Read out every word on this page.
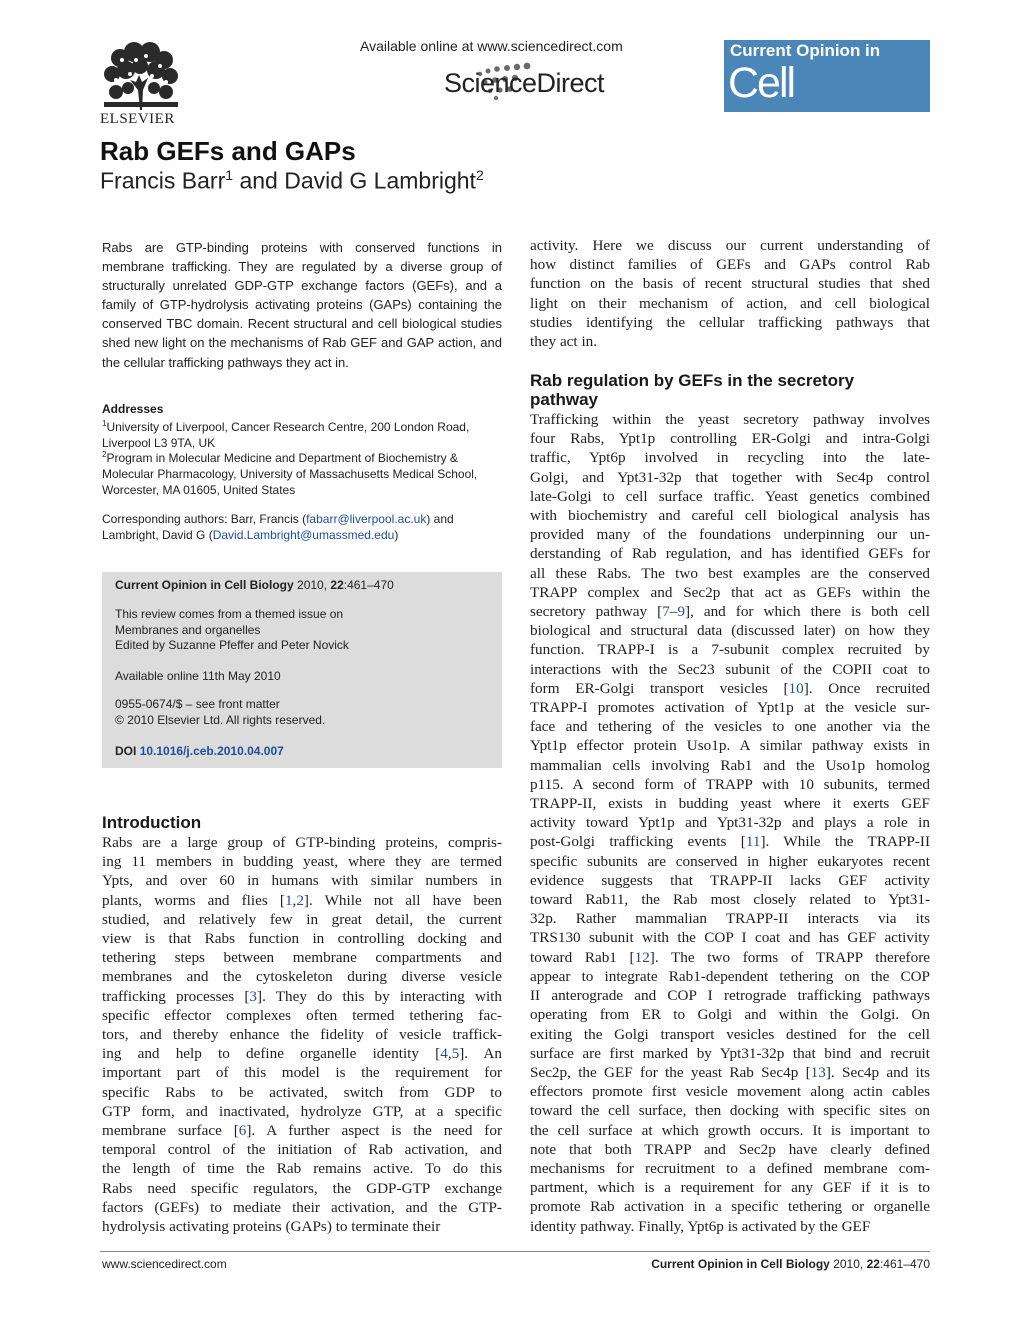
ELSEVIER
Available online at www.sciencedirect.com
ScienceDirect
Current Opinion in
Cell Biology
Rab GEFs and GAPs
Francis Barr$^1$ and David G Lambright$^2$
Rabs are GTP-binding proteins with conserved functions in membrane trafficking. They are regulated by a diverse group of structurally unrelated GDP-GTP exchange factors (GEFs), and a family of GTP-hydrolysis activating proteins (GAPs) containing the conserved TBC domain. Recent structural and cell biological studies shed new light on the mechanisms of Rab GEF and GAP action, and the cellular trafficking pathways they act in.
Addresses
$^1$University of Liverpool, Cancer Research Centre, 200 London Road, Liverpool L3 9TA, UK
$^2$Program in Molecular Medicine and Department of Biochemistry & Molecular Pharmacology, University of Massachusetts Medical School, Worcester, MA 01605, United States
Corresponding authors: Barr, Francis (fabarr@liverpool.ac.uk) and Lambright, David G (David.Lambright@umassmed.edu)
Current Opinion in Cell Biology 2010, 22:461–470
This review comes from a themed issue on
Membranes and organelles
Edited by Suzanne Pfeffer and Peter Novick
Available online 11th May 2010
0955-0674/$ – see front matter
© 2010 Elsevier Ltd. All rights reserved.
DOI 10.1016/j.ceb.2010.04.007
Introduction
Rabs are a large group of GTP-binding proteins, compris-
ing 11 members in budding yeast, where they are termed
Ypts, and over 60 in humans with similar numbers in
plants, worms and flies [1,2]. While not all have been
studied, and relatively few in great detail, the current
view is that Rabs function in controlling docking and
tethering steps between membrane compartments and
membranes and the cytoskeleton during diverse vesicle
trafficking processes [3]. They do this by interacting with
specific effector complexes often termed tethering fac-
tors, and thereby enhance the fidelity of vesicle traffick-
ing and help to define organelle identity [4,5]. An
important part of this model is the requirement for
specific Rabs to be activated, switch from GDP to
GTP form, and inactivated, hydrolyze GTP, at a specific
membrane surface [6]. A further aspect is the need for
temporal control of the initiation of Rab activation, and
the length of time the Rab remains active. To do this
Rabs need specific regulators, the GDP-GTP exchange
factors (GEFs) to mediate their activation, and the GTP-
hydrolysis activating proteins (GAPs) to terminate their
activity. Here we discuss our current understanding of
how distinct families of GEFs and GAPs control Rab
function on the basis of recent structural studies that shed
light on their mechanism of action, and cell biological
studies identifying the cellular trafficking pathways that
they act in.
Rab regulation by GEFs in the secretory
pathway
Trafficking within the yeast secretory pathway involves
four Rabs, Ypt1p controlling ER-Golgi and intra-Golgi
traffic, Ypt6p involved in recycling into the late-
Golgi, and Ypt31-32p that together with Sec4p control
late-Golgi to cell surface traffic. Yeast genetics combined
with biochemistry and careful cell biological analysis has
provided many of the foundations underpinning our un-
derstanding of Rab regulation, and has identified GEFs for
all these Rabs. The two best examples are the conserved
TRAPP complex and Sec2p that act as GEFs within the
secretory pathway [7–9], and for which there is both cell
biological and structural data (discussed later) on how they
function. TRAPP-I is a 7-subunit complex recruited by
interactions with the Sec23 subunit of the COPII coat to
form ER-Golgi transport vesicles [10]. Once recruited
TRAPP-I promotes activation of Ypt1p at the vesicle sur-
face and tethering of the vesicles to one another via the
Ypt1p effector protein Uso1p. A similar pathway exists in
mammalian cells involving Rab1 and the Uso1p homolog
p115. A second form of TRAPP with 10 subunits, termed
TRAPP-II, exists in budding yeast where it exerts GEF
activity toward Ypt1p and Ypt31-32p and plays a role in
post-Golgi trafficking events [11]. While the TRAPP-II
specific subunits are conserved in higher eukaryotes recent
evidence suggests that TRAPP-II lacks GEF activity
toward Rab11, the Rab most closely related to Ypt31-
32p. Rather mammalian TRAPP-II interacts via its
TRS130 subunit with the COP I coat and has GEF activity
toward Rab1 [12]. The two forms of TRAPP therefore
appear to integrate Rab1-dependent tethering on the COP
II anterograde and COP I retrograde trafficking pathways
operating from ER to Golgi and within the Golgi. On
exiting the Golgi transport vesicles destined for the cell
surface are first marked by Ypt31-32p that bind and recruit
Sec2p, the GEF for the yeast Rab Sec4p [13]. Sec4p and its
effectors promote first vesicle movement along actin cables
toward the cell surface, then docking with specific sites on
the cell surface at which growth occurs. It is important to
note that both TRAPP and Sec2p have clearly defined
mechanisms for recruitment to a defined membrane com-
partment, which is a requirement for any GEF if it is to
promote Rab activation in a specific tethering or organelle
identity pathway. Finally, Ypt6p is activated by the GEF
www.sciencedirect.com	Current Opinion in Cell Biology 2010, 22:461–470
